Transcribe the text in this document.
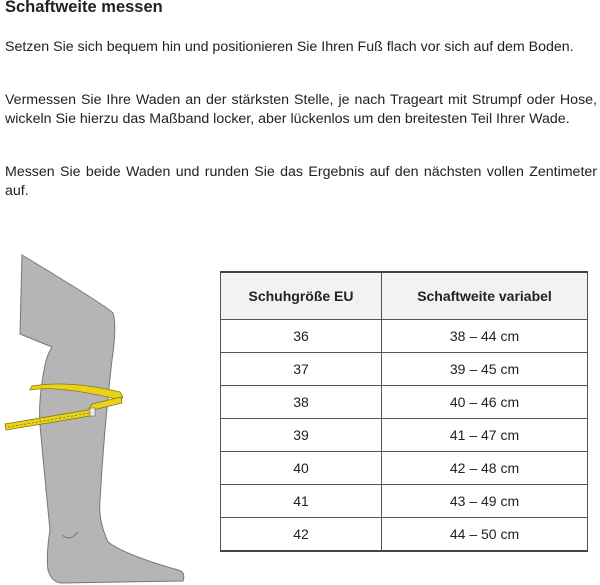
Schaftweite messen

Setzen Sie sich bequem hin und positionieren Sie Ihren Fuß flach vor sich auf dem Boden.

Vermessen Sie Ihre Waden an der stärksten Stelle, je nach Trageart mit Strumpf oder Hose, wickeln Sie hierzu das Maßband locker, aber lückenlos um den breitesten Teil Ihrer Wade.

Messen Sie beide Waden und runden Sie das Ergebnis auf den nächsten vollen Zentimeter auf.

Schuhgröße EU	Schaftweite variabel
36	38 – 44 cm
37	39 – 45 cm
38	40 – 46 cm
39	41 – 47 cm
40	42 – 48 cm
41	43 – 49 cm
42	44 – 50 cm
